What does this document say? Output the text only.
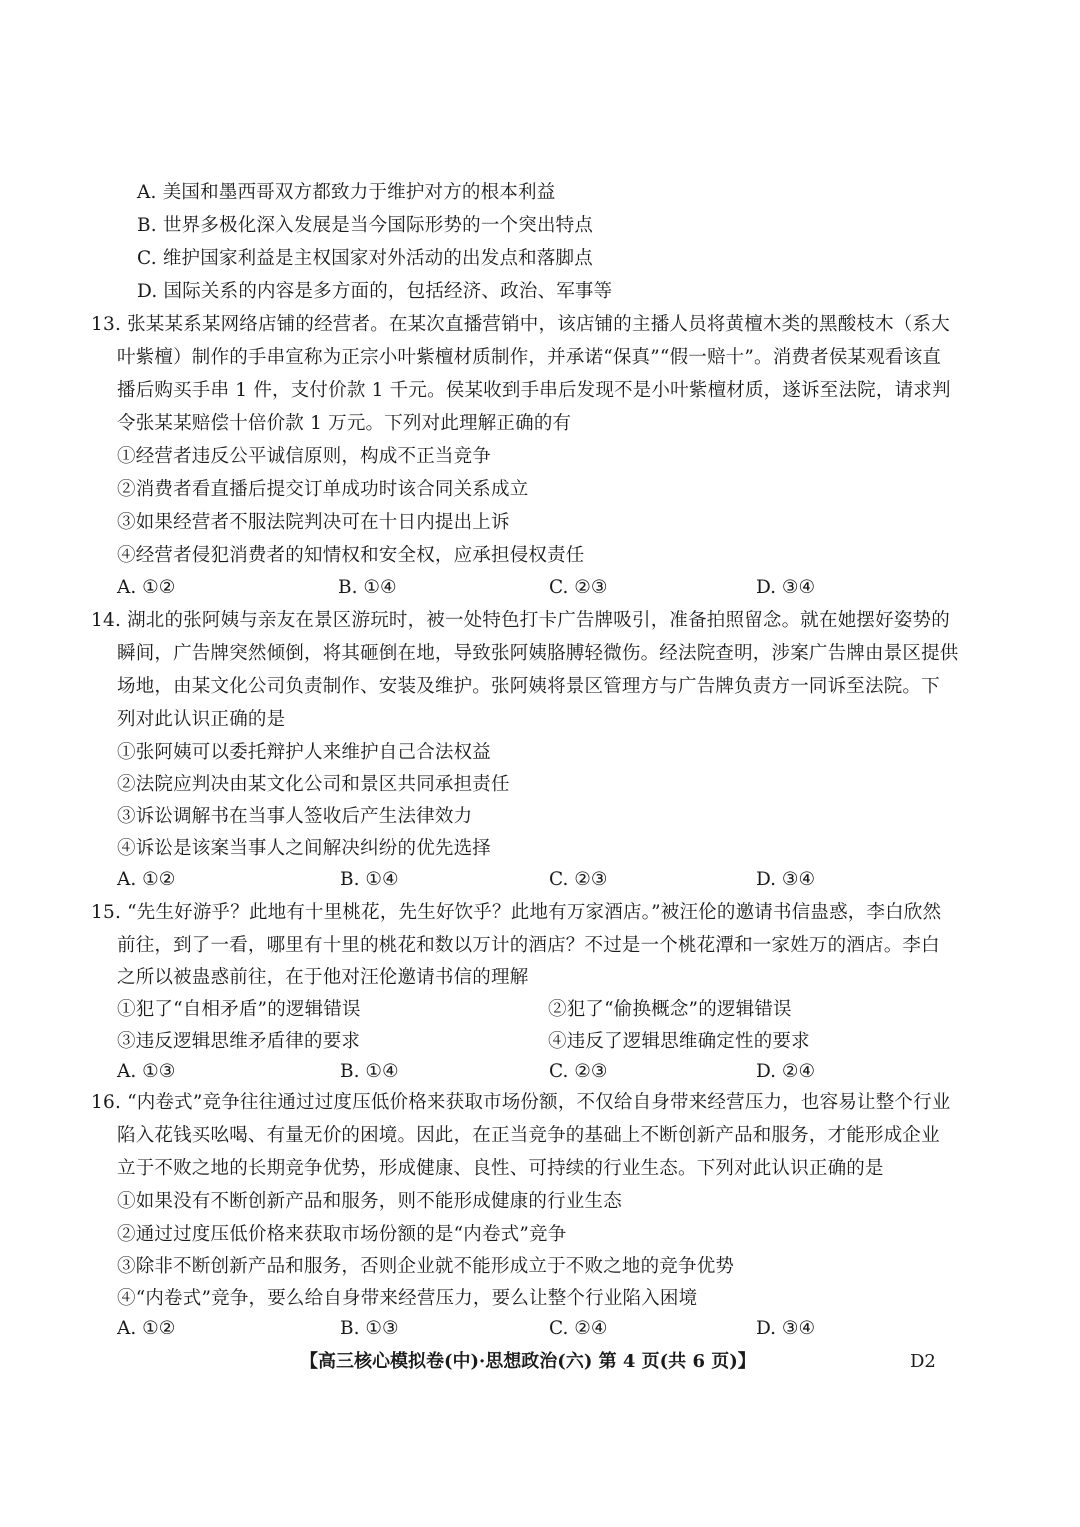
A. 美国和墨西哥双方都致力于维护对方的根本利益
B. 世界多极化深入发展是当今国际形势的一个突出特点
C. 维护国家利益是主权国家对外活动的出发点和落脚点
D. 国际关系的内容是多方面的，包括经济、政治、军事等
13. 张某某系某网络店铺的经营者。在某次直播营销中，该店铺的主播人员将黄檀木类的黑酸枝木（系大
叶紫檀）制作的手串宣称为正宗小叶紫檀材质制作，并承诺“保真”“假一赔十”。消费者侯某观看该直
播后购买手串 1 件，支付价款 1 千元。侯某收到手串后发现不是小叶紫檀材质，遂诉至法院，请求判
令张某某赔偿十倍价款 1 万元。下列对此理解正确的有
①经营者违反公平诚信原则，构成不正当竞争
②消费者看直播后提交订单成功时该合同关系成立
③如果经营者不服法院判决可在十日内提出上诉
④经营者侵犯消费者的知情权和安全权，应承担侵权责任
A. ①②	B. ①④	C. ②③	D. ③④
14. 湖北的张阿姨与亲友在景区游玩时，被一处特色打卡广告牌吸引，准备拍照留念。就在她摆好姿势的
瞬间，广告牌突然倾倒，将其砸倒在地，导致张阿姨胳膊轻微伤。经法院查明，涉案广告牌由景区提供
场地，由某文化公司负责制作、安装及维护。张阿姨将景区管理方与广告牌负责方一同诉至法院。下
列对此认识正确的是
①张阿姨可以委托辩护人来维护自己合法权益
②法院应判决由某文化公司和景区共同承担责任
③诉讼调解书在当事人签收后产生法律效力
④诉讼是该案当事人之间解决纠纷的优先选择
A. ①②	B. ①④	C. ②③	D. ③④
15. “先生好游乎？此地有十里桃花，先生好饮乎？此地有万家酒店。”被汪伦的邀请书信蛊惑，李白欣然
前往，到了一看，哪里有十里的桃花和数以万计的酒店？不过是一个桃花潭和一家姓万的酒店。李白
之所以被蛊惑前往，在于他对汪伦邀请书信的理解
①犯了“自相矛盾”的逻辑错误	②犯了“偷换概念”的逻辑错误
③违反逻辑思维矛盾律的要求	④违反了逻辑思维确定性的要求
A. ①③	B. ①④	C. ②③	D. ②④
16. “内卷式”竞争往往通过过度压低价格来获取市场份额，不仅给自身带来经营压力，也容易让整个行业
陷入花钱买吆喝、有量无价的困境。因此，在正当竞争的基础上不断创新产品和服务，才能形成企业
立于不败之地的长期竞争优势，形成健康、良性、可持续的行业生态。下列对此认识正确的是
①如果没有不断创新产品和服务，则不能形成健康的行业生态
②通过过度压低价格来获取市场份额的是“内卷式”竞争
③除非不断创新产品和服务，否则企业就不能形成立于不败之地的竞争优势
④“内卷式”竞争，要么给自身带来经营压力，要么让整个行业陷入困境
A. ①②	B. ①③	C. ②④	D. ③④
【高三核心模拟卷(中)·思想政治(六) 第 4 页(共 6 页)】	D2
